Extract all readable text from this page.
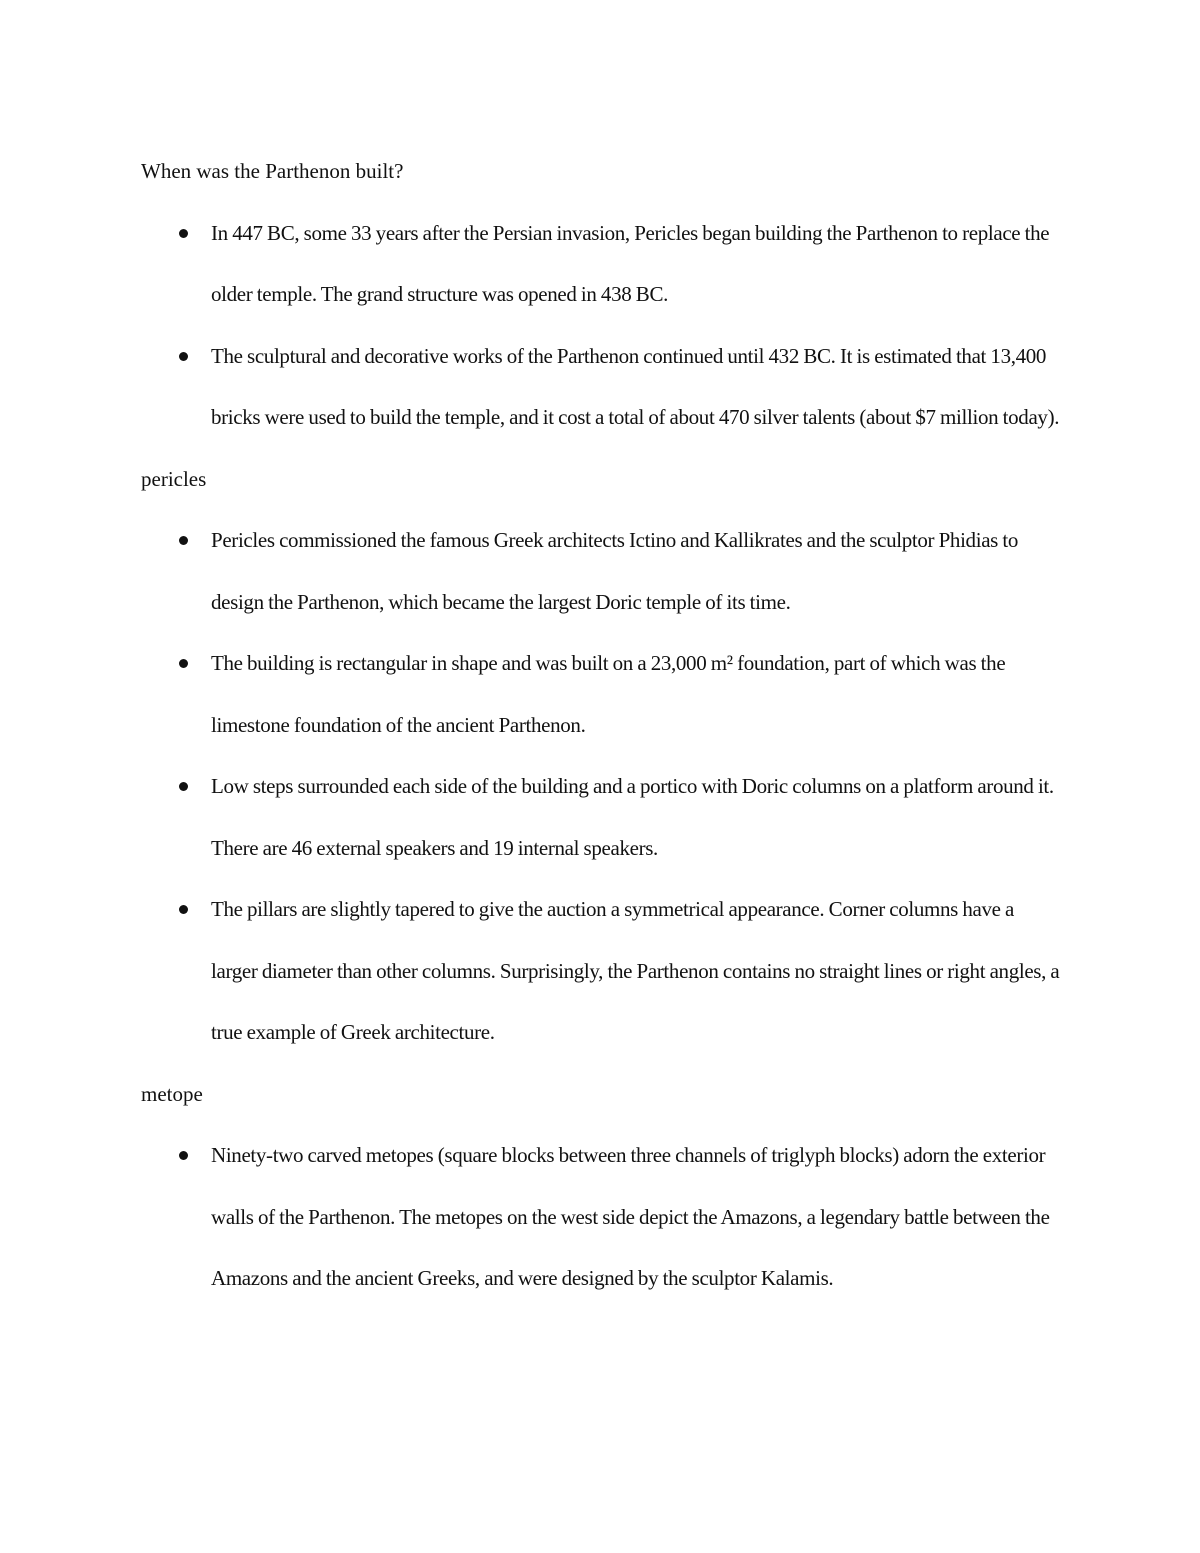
When was the Parthenon built?

In 447 BC, some 33 years after the Persian invasion, Pericles began building the Parthenon to replace the older temple. The grand structure was opened in 438 BC.
The sculptural and decorative works of the Parthenon continued until 432 BC. It is estimated that 13,400 bricks were used to build the temple, and it cost a total of about 470 silver talents (about $7 million today).

pericles

Pericles commissioned the famous Greek architects Ictino and Kallikrates and the sculptor Phidias to design the Parthenon, which became the largest Doric temple of its time.
The building is rectangular in shape and was built on a 23,000 m² foundation, part of which was the limestone foundation of the ancient Parthenon.
Low steps surrounded each side of the building and a portico with Doric columns on a platform around it. There are 46 external speakers and 19 internal speakers.
The pillars are slightly tapered to give the auction a symmetrical appearance. Corner columns have a larger diameter than other columns. Surprisingly, the Parthenon contains no straight lines or right angles, a true example of Greek architecture.

metope

Ninety-two carved metopes (square blocks between three channels of triglyph blocks) adorn the exterior walls of the Parthenon. The metopes on the west side depict the Amazons, a legendary battle between the Amazons and the ancient Greeks, and were designed by the sculptor Kalamis.
